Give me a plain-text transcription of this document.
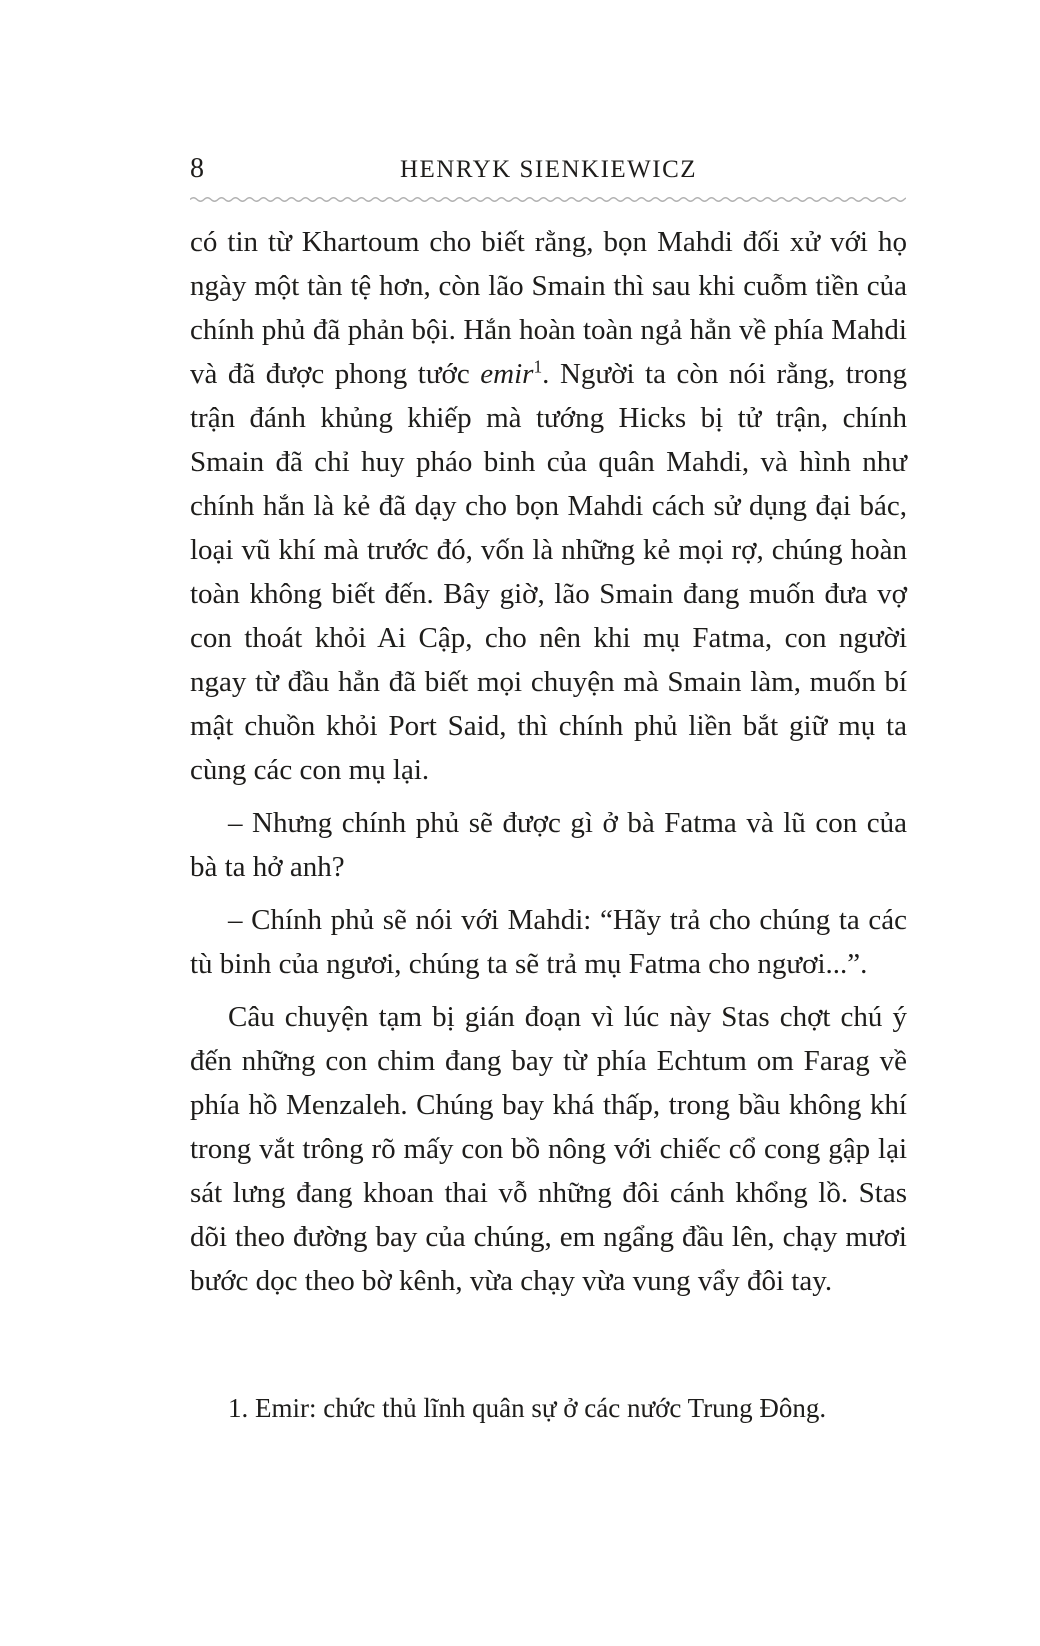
8	HENRYK SIENKIEWICZ

có tin từ Khartoum cho biết rằng, bọn Mahdi đối xử với họ ngày một tàn tệ hơn, còn lão Smain thì sau khi cuỗm tiền của chính phủ đã phản bội. Hắn hoàn toàn ngả hẳn về phía Mahdi và đã được phong tước emir$^1$. Người ta còn nói rằng, trong trận đánh khủng khiếp mà tướng Hicks bị tử trận, chính Smain đã chỉ huy pháo binh của quân Mahdi, và hình như chính hắn là kẻ đã dạy cho bọn Mahdi cách sử dụng đại bác, loại vũ khí mà trước đó, vốn là những kẻ mọi rợ, chúng hoàn toàn không biết đến. Bây giờ, lão Smain đang muốn đưa vợ con thoát khỏi Ai Cập, cho nên khi mụ Fatma, con người ngay từ đầu hẳn đã biết mọi chuyện mà Smain làm, muốn bí mật chuồn khỏi Port Said, thì chính phủ liền bắt giữ mụ ta cùng các con mụ lại.

– Nhưng chính phủ sẽ được gì ở bà Fatma và lũ con của bà ta hở anh?

– Chính phủ sẽ nói với Mahdi: “Hãy trả cho chúng ta các tù binh của ngươi, chúng ta sẽ trả mụ Fatma cho ngươi...”.

Câu chuyện tạm bị gián đoạn vì lúc này Stas chợt chú ý đến những con chim đang bay từ phía Echtum om Farag về phía hồ Menzaleh. Chúng bay khá thấp, trong bầu không khí trong vắt trông rõ mấy con bồ nông với chiếc cổ cong gập lại sát lưng đang khoan thai vỗ những đôi cánh khổng lồ. Stas dõi theo đường bay của chúng, em ngẩng đầu lên, chạy mươi bước dọc theo bờ kênh, vừa chạy vừa vung vẩy đôi tay.

1. Emir: chức thủ lĩnh quân sự ở các nước Trung Đông.
